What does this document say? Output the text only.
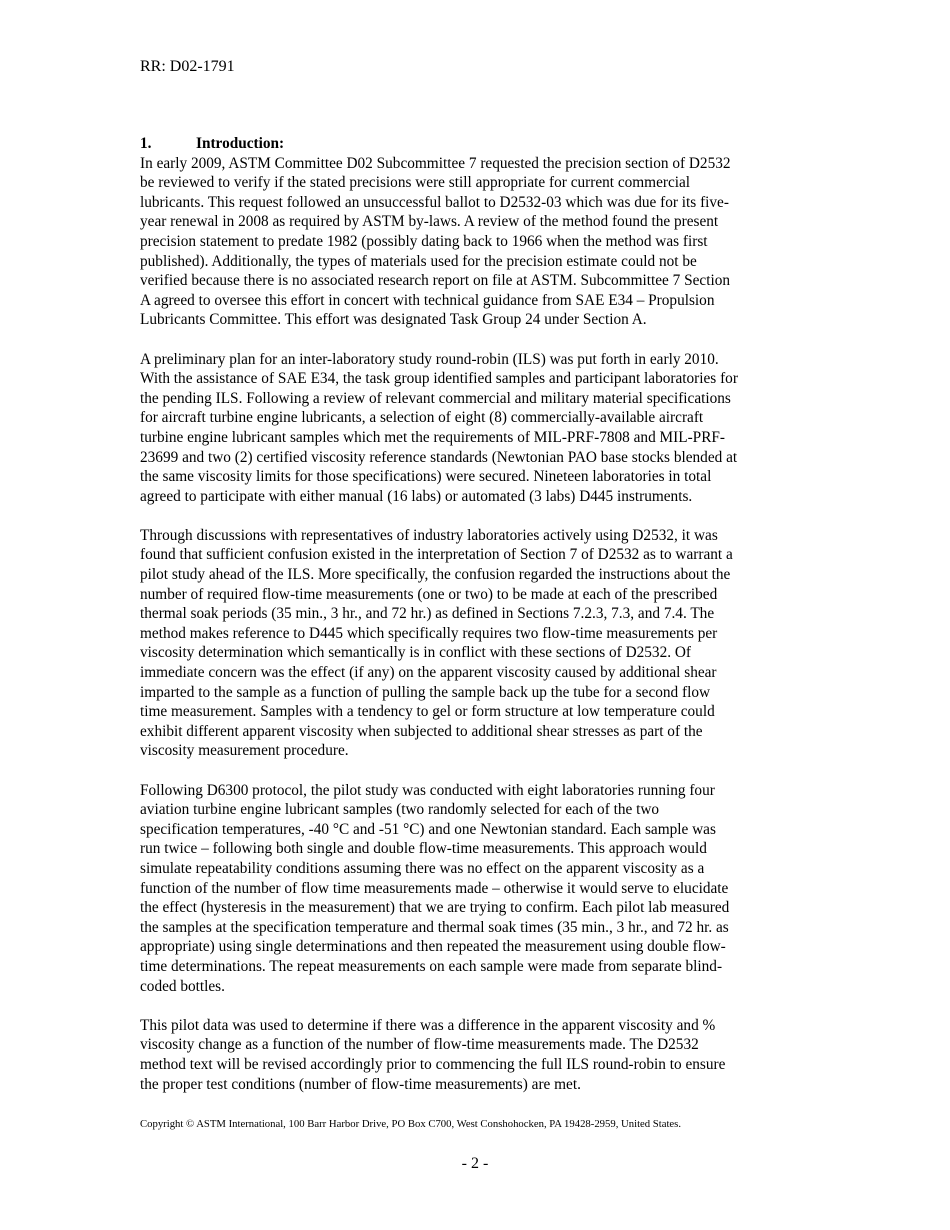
RR: D02-1791
1.	Introduction:

In early 2009, ASTM Committee D02 Subcommittee 7 requested the precision section of D2532
be reviewed to verify if the stated precisions were still appropriate for current commercial
lubricants. This request followed an unsuccessful ballot to D2532-03 which was due for its five-
year renewal in 2008 as required by ASTM by-laws. A review of the method found the present
precision statement to predate 1982 (possibly dating back to 1966 when the method was first
published). Additionally, the types of materials used for the precision estimate could not be
verified because there is no associated research report on file at ASTM. Subcommittee 7 Section
A agreed to oversee this effort in concert with technical guidance from SAE E34 – Propulsion
Lubricants Committee. This effort was designated Task Group 24 under Section A.

A preliminary plan for an inter-laboratory study round-robin (ILS) was put forth in early 2010.
With the assistance of SAE E34, the task group identified samples and participant laboratories for
the pending ILS. Following a review of relevant commercial and military material specifications
for aircraft turbine engine lubricants, a selection of eight (8) commercially-available aircraft
turbine engine lubricant samples which met the requirements of MIL-PRF-7808 and MIL-PRF-
23699 and two (2) certified viscosity reference standards (Newtonian PAO base stocks blended at
the same viscosity limits for those specifications) were secured. Nineteen laboratories in total
agreed to participate with either manual (16 labs) or automated (3 labs) D445 instruments.

Through discussions with representatives of industry laboratories actively using D2532, it was
found that sufficient confusion existed in the interpretation of Section 7 of D2532 as to warrant a
pilot study ahead of the ILS. More specifically, the confusion regarded the instructions about the
number of required flow-time measurements (one or two) to be made at each of the prescribed
thermal soak periods (35 min., 3 hr., and 72 hr.) as defined in Sections 7.2.3, 7.3, and 7.4. The
method makes reference to D445 which specifically requires two flow-time measurements per
viscosity determination which semantically is in conflict with these sections of D2532. Of
immediate concern was the effect (if any) on the apparent viscosity caused by additional shear
imparted to the sample as a function of pulling the sample back up the tube for a second flow
time measurement. Samples with a tendency to gel or form structure at low temperature could
exhibit different apparent viscosity when subjected to additional shear stresses as part of the
viscosity measurement procedure.

Following D6300 protocol, the pilot study was conducted with eight laboratories running four
aviation turbine engine lubricant samples (two randomly selected for each of the two
specification temperatures, -40 °C and -51 °C) and one Newtonian standard. Each sample was
run twice – following both single and double flow-time measurements. This approach would
simulate repeatability conditions assuming there was no effect on the apparent viscosity as a
function of the number of flow time measurements made – otherwise it would serve to elucidate
the effect (hysteresis in the measurement) that we are trying to confirm. Each pilot lab measured
the samples at the specification temperature and thermal soak times (35 min., 3 hr., and 72 hr. as
appropriate) using single determinations and then repeated the measurement using double flow-
time determinations. The repeat measurements on each sample were made from separate blind-
coded bottles.

This pilot data was used to determine if there was a difference in the apparent viscosity and %
viscosity change as a function of the number of flow-time measurements made. The D2532
method text will be revised accordingly prior to commencing the full ILS round-robin to ensure
the proper test conditions (number of flow-time measurements) are met.

Copyright © ASTM International, 100 Barr Harbor Drive, PO Box C700, West Conshohocken, PA 19428-2959, United States.
- 2 -
